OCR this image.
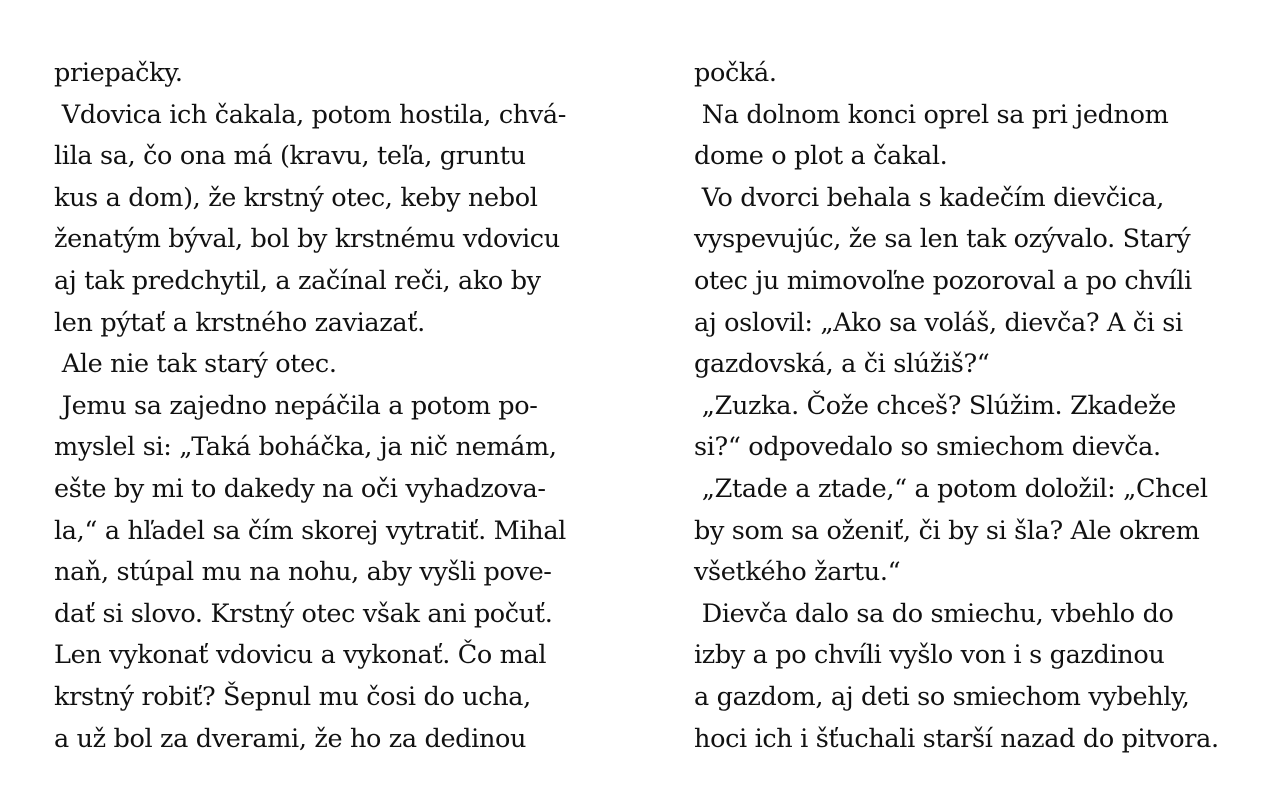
priepačky.
Vdovica ich čakala, potom hostila, chvá-
lila sa, čo ona má (kravu, teľa, gruntu
kus a dom), že krstný otec, keby nebol
ženatým býval, bol by krstnému vdovicu
aj tak predchytil, a začínal reči, ako by
len pýtať a krstného zaviazať.
Ale nie tak starý otec.
Jemu sa zajedno nepáčila a potom po-
myslel si: „Taká boháčka, ja nič nemám,
ešte by mi to dakedy na oči vyhadzova-
la,“ a hľadel sa čím skorej vytratiť. Mihal
naň, stúpal mu na nohu, aby vyšli pove-
dať si slovo. Krstný otec však ani počuť.
Len vykonať vdovicu a vykonať. Čo mal
krstný robiť? Šepnul mu čosi do ucha,
a už bol za dverami, že ho za dedinou
počká.
Na dolnom konci oprel sa pri jednom
dome o plot a čakal.
Vo dvorci behala s kadečím dievčica,
vyspevujúc, že sa len tak ozývalo. Starý
otec ju mimovoľne pozoroval a po chvíli
aj oslovil: „Ako sa voláš, dievča? A či si
gazdovská, a či slúžiš?“
„Zuzka. Čože chceš? Slúžim. Zkadeže
si?“ odpovedalo so smiechom dievča.
„Ztade a ztade,“ a potom doložil: „Chcel
by som sa oženiť, či by si šla? Ale okrem
všetkého žartu.“
Dievča dalo sa do smiechu, vbehlo do
izby a po chvíli vyšlo von i s gazdinou
a gazdom, aj deti so smiechom vybehly,
hoci ich i šťuchali starší nazad do pitvora.
